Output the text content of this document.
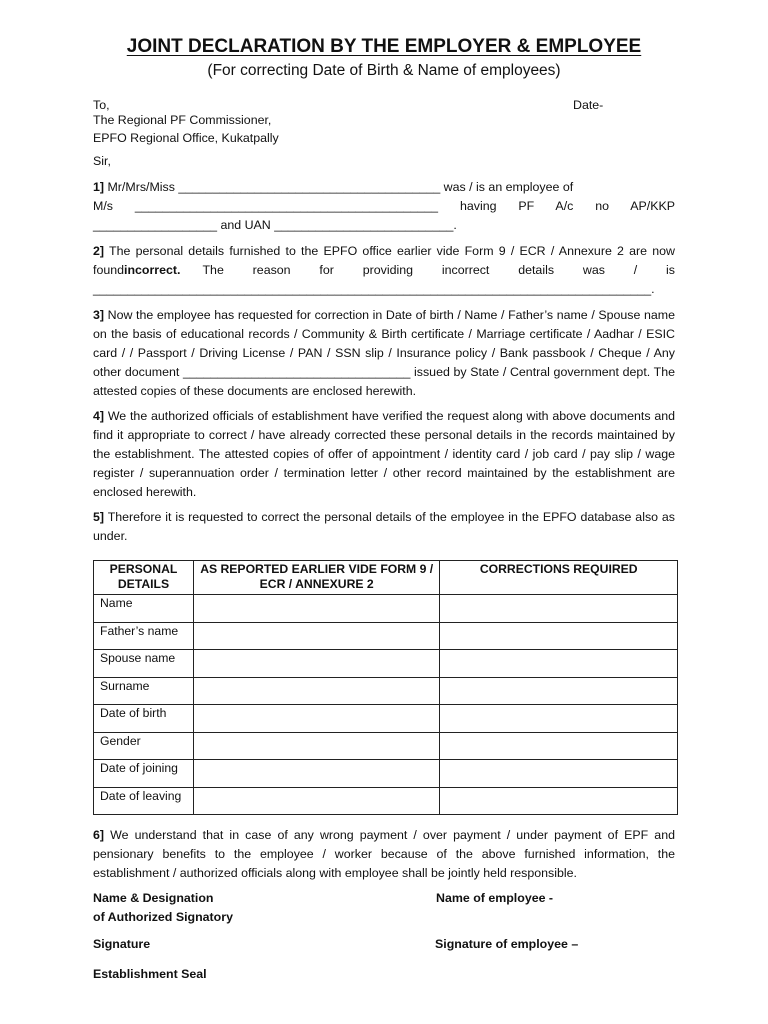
JOINT DECLARATION BY THE EMPLOYER & EMPLOYEE
(For correcting Date of Birth & Name of employees)
To,	Date-
The Regional PF Commissioner,
EPFO Regional Office, Kukatpally
Sir,
1] Mr/Mrs/Miss ______________________________________ was / is an employee of
M/s ____________________________________________ having PF A/c no AP/KKP
__________________ and UAN __________________________.
2] The personal details furnished to the EPFO office earlier vide Form 9 / ECR / Annexure 2 are now
found incorrect. The reason for providing incorrect details was / is
_________________________________________________________________________________.
3] Now the employee has requested for correction in Date of birth / Name / Father’s name / Spouse name on the basis of educational records / Community & Birth certificate / Marriage certificate / Aadhar / ESIC card / / Passport / Driving License / PAN / SSN slip / Insurance policy / Bank passbook / Cheque / Any other document _________________________________ issued by State / Central government dept. The attested copies of these documents are enclosed herewith.
4] We the authorized officials of establishment have verified the request along with above documents and find it appropriate to correct / have already corrected these personal details in the records maintained by the establishment. The attested copies of offer of appointment / identity card / job card / pay slip / wage register / superannuation order / termination letter / other record maintained by the establishment are enclosed herewith.
5] Therefore it is requested to correct the personal details of the employee in the EPFO database also as under.
PERSONAL DETAILS	AS REPORTED EARLIER VIDE FORM 9 / ECR / ANNEXURE 2	CORRECTIONS REQUIRED
Name		
Father’s name		
Spouse name		
Surname		
Date of birth		
Gender		
Date of joining		
Date of leaving		
6] We understand that in case of any wrong payment / over payment / under payment of EPF and pensionary benefits to the employee / worker because of the above furnished information, the establishment / authorized officials along with employee shall be jointly held responsible.
Name & Designation
of Authorized Signatory
Name of employee -
Signature	Signature of employee –
Establishment Seal
